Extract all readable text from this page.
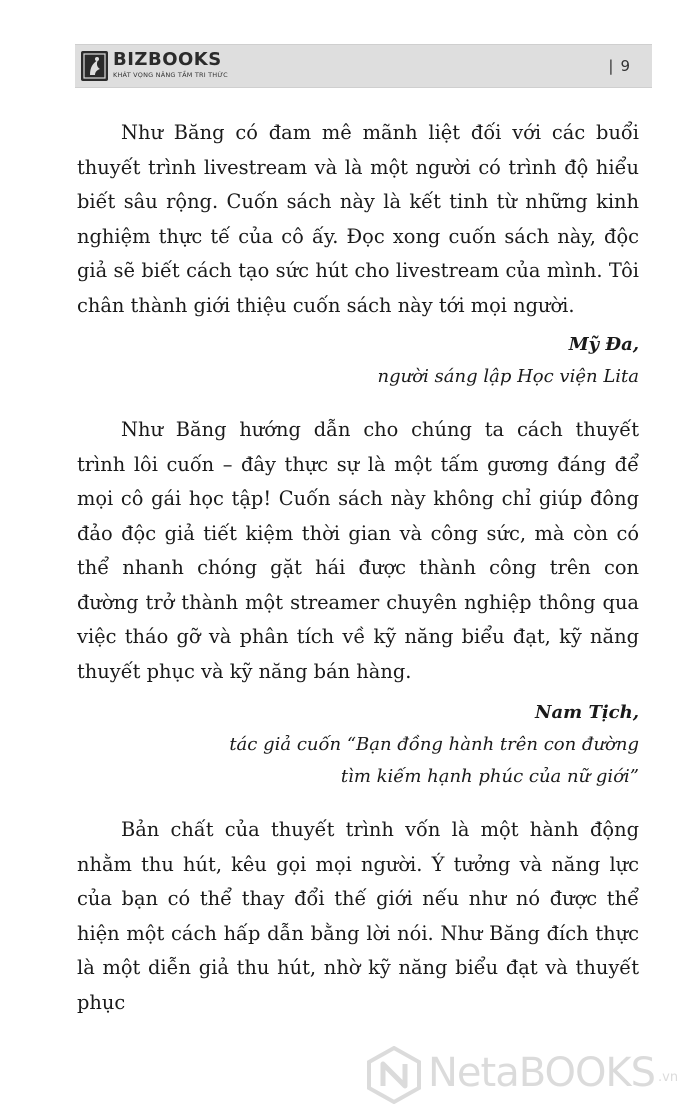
BIZBOOKS
KHÁT VỌNG NÂNG TẦM TRI THỨC	| 9

Như Băng có đam mê mãnh liệt đối với các buổi thuyết trình livestream và là một người có trình độ hiểu biết sâu rộng. Cuốn sách này là kết tinh từ những kinh nghiệm thực tế của cô ấy. Đọc xong cuốn sách này, độc giả sẽ biết cách tạo sức hút cho livestream của mình. Tôi chân thành giới thiệu cuốn sách này tới mọi người.

Mỹ Đa,
người sáng lập Học viện Lita

Như Băng hướng dẫn cho chúng ta cách thuyết trình lôi cuốn – đây thực sự là một tấm gương đáng để mọi cô gái học tập! Cuốn sách này không chỉ giúp đông đảo độc giả tiết kiệm thời gian và công sức, mà còn có thể nhanh chóng gặt hái được thành công trên con đường trở thành một streamer chuyên nghiệp thông qua việc tháo gỡ và phân tích về kỹ năng biểu đạt, kỹ năng thuyết phục và kỹ năng bán hàng.

Nam Tịch,
tác giả cuốn “Bạn đồng hành trên con đường
tìm kiếm hạnh phúc của nữ giới”

Bản chất của thuyết trình vốn là một hành động nhằm thu hút, kêu gọi mọi người. Ý tưởng và năng lực của bạn có thể thay đổi thế giới nếu như nó được thể hiện một cách hấp dẫn bằng lời nói. Như Băng đích thực là một diễn giả thu hút, nhờ kỹ năng biểu đạt và thuyết phục

NetaBOOKS .vn
